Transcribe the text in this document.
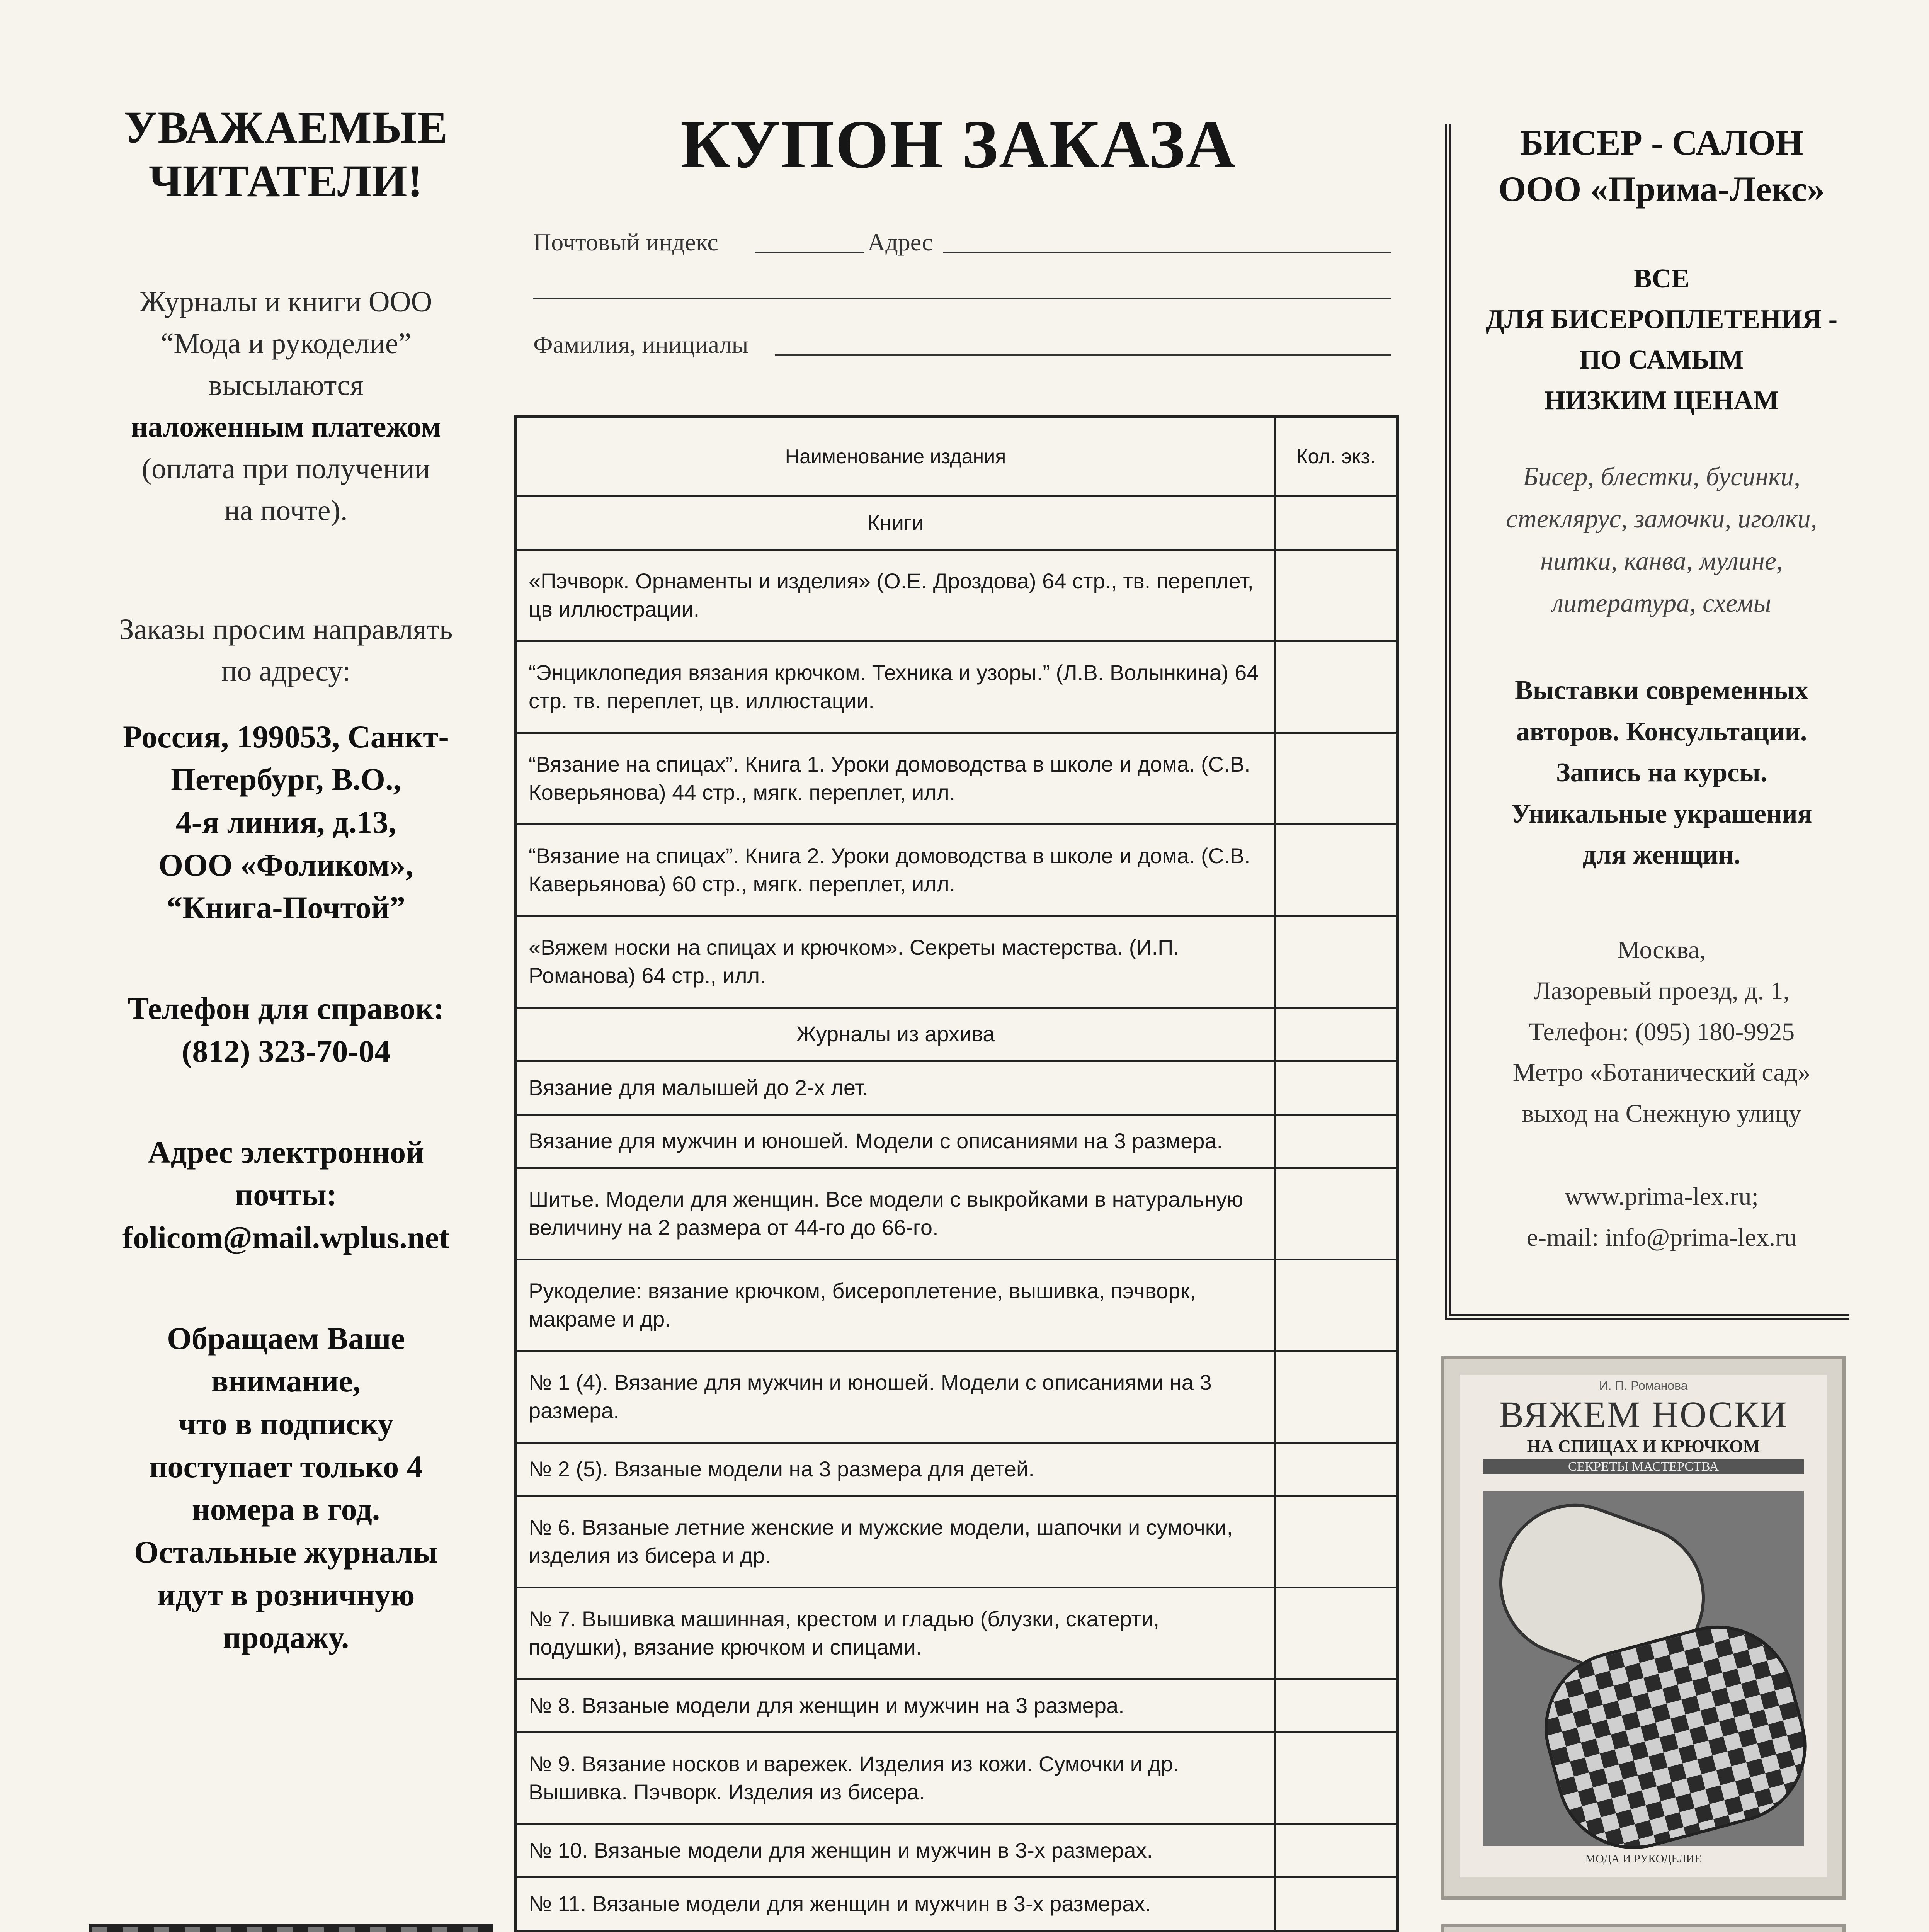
УВАЖАЕМЫЕ
ЧИТАТЕЛИ!
Журналы и книги ООО
“Мода и рукоделие”
высылаются
наложенным платежом
(оплата при получении
на почте).
Заказы просим направлять
по адресу:
Россия, 199053, Санкт-
Петербург, В.О.,
4-я линия, д.13,
ООО «Фоликом»,
“Книга-Почтой”
Телефон для справок:
(812) 323-70-04
Адрес электронной
почты:
folicom@mail.wplus.net
Обращаем Ваше
внимание,
что в подписку
поступает только 4
номера в год.
Остальные журналы
идут в розничную
продажу.
КУПОН ЗАКАЗА
Почтовый индекс	Адрес
Фамилия, инициалы
Наименование издания	Кол. экз.
Книги	
«Пэчворк. Орнаменты и изделия» (О.Е. Дроздова) 64 стр., тв. переплет, цв иллюстрации.	
“Энциклопедия вязания крючком. Техника и узоры.” (Л.В. Волынкина) 64 стр. тв. переплет, цв. иллюстации.	
“Вязание на спицах”. Книга 1. Уроки домоводства в школе и дома. (С.В. Коверьянова) 44 стр., мягк. переплет, илл.	
“Вязание на спицах”. Книга 2. Уроки домоводства в школе и дома. (С.В. Каверьянова) 60 стр., мягк. переплет, илл.	
«Вяжем носки на спицах и крючком». Секреты мастерства. (И.П. Романова) 64 стр., илл.	
Журналы из архива	
Вязание для малышей до 2-х лет.	
Вязание для мужчин и юношей. Модели с описаниями на 3 размера.	
Шитье. Модели для женщин. Все модели с выкройками в натуральную величину на 2 размера от 44-го до 66-го.	
Рукоделие: вязание крючком, бисероплетение, вышивка, пэчворк, макраме и др.	
№ 1 (4). Вязание для мужчин и юношей. Модели с описаниями на 3 размера.	
№ 2 (5). Вязаные модели на 3 размера для детей.	
№ 6. Вязаные летние женские и мужские модели, шапочки и сумочки, изделия из бисера и др.	
№ 7. Вышивка машинная, крестом и гладью (блузки, скатерти, подушки), вязание крючком и спицами.	
№ 8. Вязаные модели для женщин и мужчин на 3 размера.	
№ 9. Вязание носков и варежек. Изделия из кожи. Сумочки и др. Вышивка. Пэчворк. Изделия из бисера.	
№ 10. Вязаные модели для женщин и мужчин в 3-х размерах.	
№ 11. Вязаные модели для женщин и мужчин в 3-х размерах.	

БИСЕР - САЛОН
ООО «Прима-Лекс»
ВСЕ
ДЛЯ БИСЕРОПЛЕТЕНИЯ -
ПО САМЫМ
НИЗКИМ ЦЕНАМ
Бисер, блестки, бусинки,
стеклярус, замочки, иголки,
нитки, канва, мулине,
литература, схемы
Выставки современных
авторов. Консультации.
Запись на курсы.
Уникальные украшения
для женщин.
Москва,
Лазоревый проезд, д. 1,
Телефон: (095) 180-9925
Метро «Ботанический сад»
выход на Снежную улицу
www.prima-lex.ru;
e-mail: info@prima-lex.ru
И. П. Романова
ВЯЖЕМ НОСКИ
НА СПИЦАХ И КРЮЧКОМ
СЕКРЕТЫ МАСТЕРСТВА
МОДА И РУКОДЕЛИЕ
